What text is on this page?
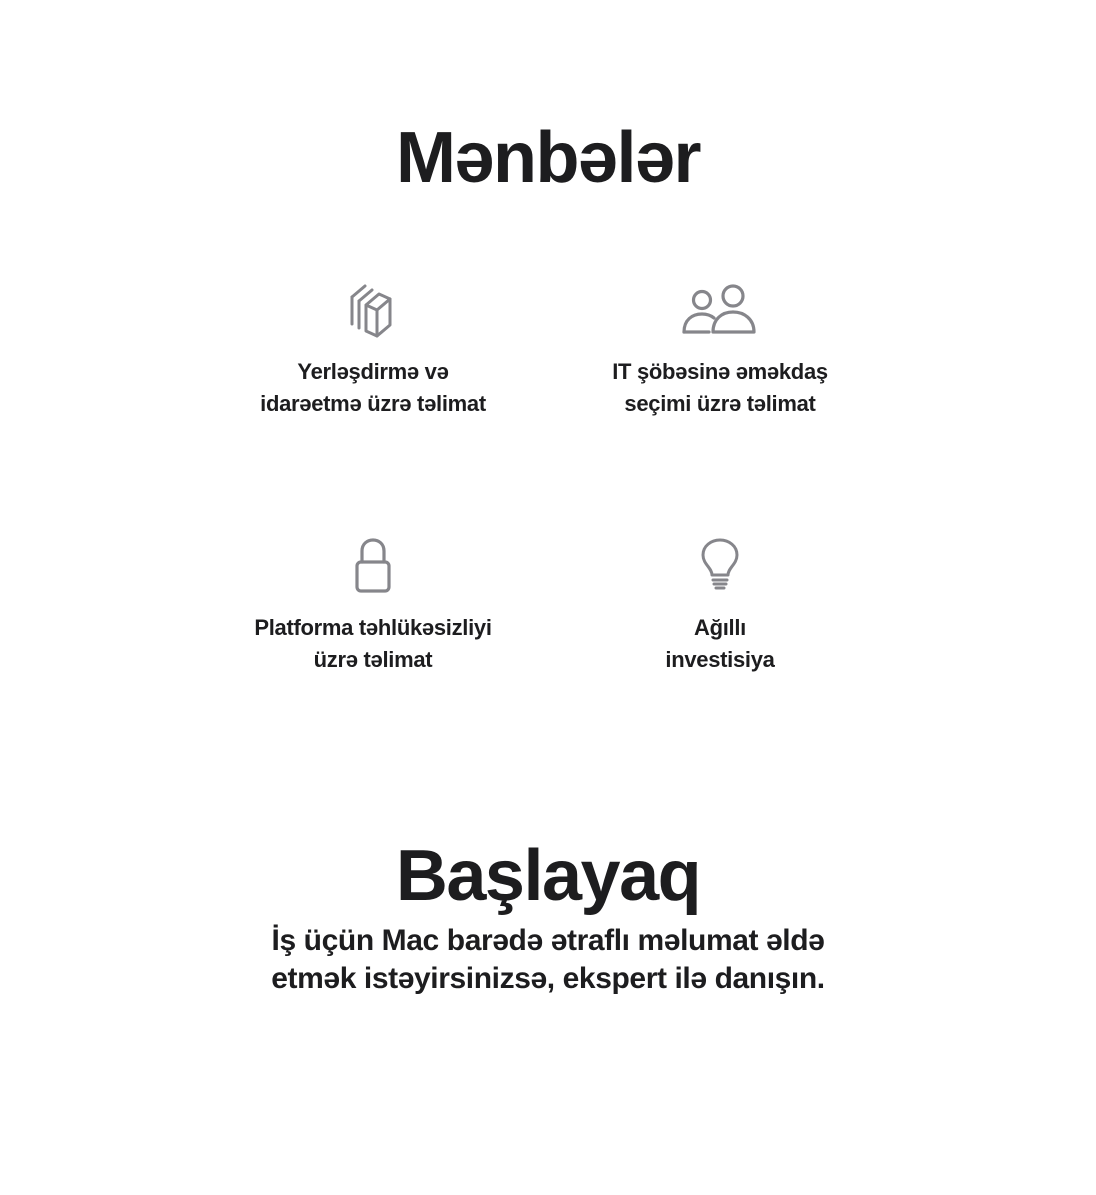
Mənbələr
Yerləşdirmə və
idarəetmə üzrə təlimat
IT şöbəsinə əməkdaş
seçimi üzrə təlimat
Platforma təhlükəsizliyi
üzrə təlimat
Ağıllı
investisiya
Başlayaq

İş üçün Mac barədə ətraflı məlumat əldə
etmək istəyirsinizsə, ekspert ilə danışın.
